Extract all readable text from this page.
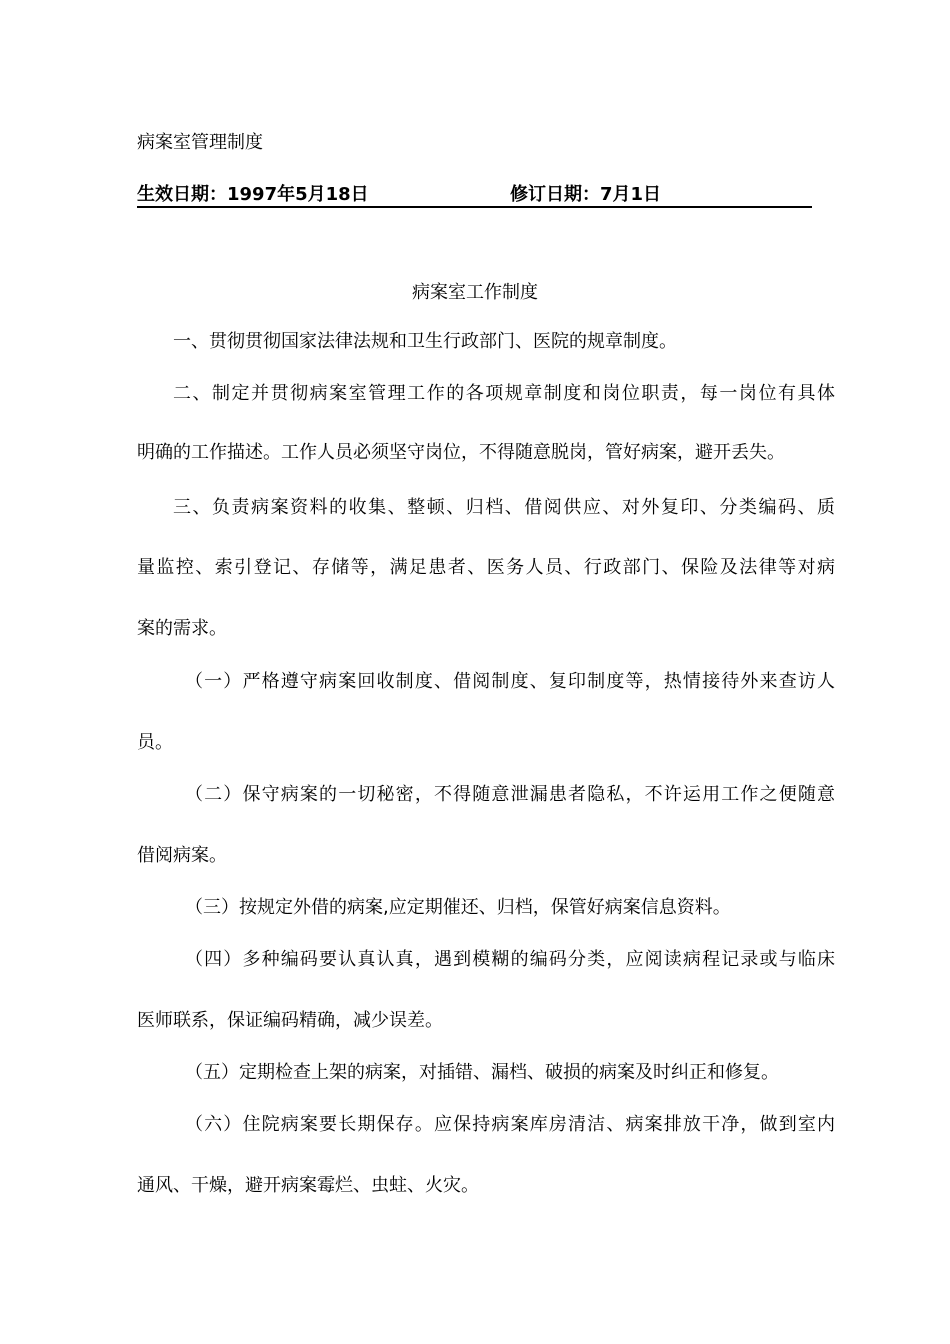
病案室管理制度
生效日期：1997年5月18日	修订日期：7月1日
病案室工作制度
一、贯彻贯彻国家法律法规和卫生行政部门、医院的规章制度。
二、制定并贯彻病案室管理工作的各项规章制度和岗位职责，每一岗位有具体
明确的工作描述。工作人员必须坚守岗位，不得随意脱岗，管好病案，避开丢失。
三、负责病案资料的收集、整顿、归档、借阅供应、对外复印、分类编码、质
量监控、索引登记、存储等，满足患者、医务人员、行政部门、保险及法律等对病
案的需求。
（一）严格遵守病案回收制度、借阅制度、复印制度等，热情接待外来查访人
员。
（二）保守病案的一切秘密，不得随意泄漏患者隐私，不许运用工作之便随意
借阅病案。
（三）按规定外借的病案,应定期催还、归档，保管好病案信息资料。
（四）多种编码要认真认真，遇到模糊的编码分类，应阅读病程记录或与临床
医师联系，保证编码精确，减少误差。
（五）定期检查上架的病案，对插错、漏档、破损的病案及时纠正和修复。
（六）住院病案要长期保存。应保持病案库房清洁、病案排放干净，做到室内
通风、干燥，避开病案霉烂、虫蛀、火灾。
